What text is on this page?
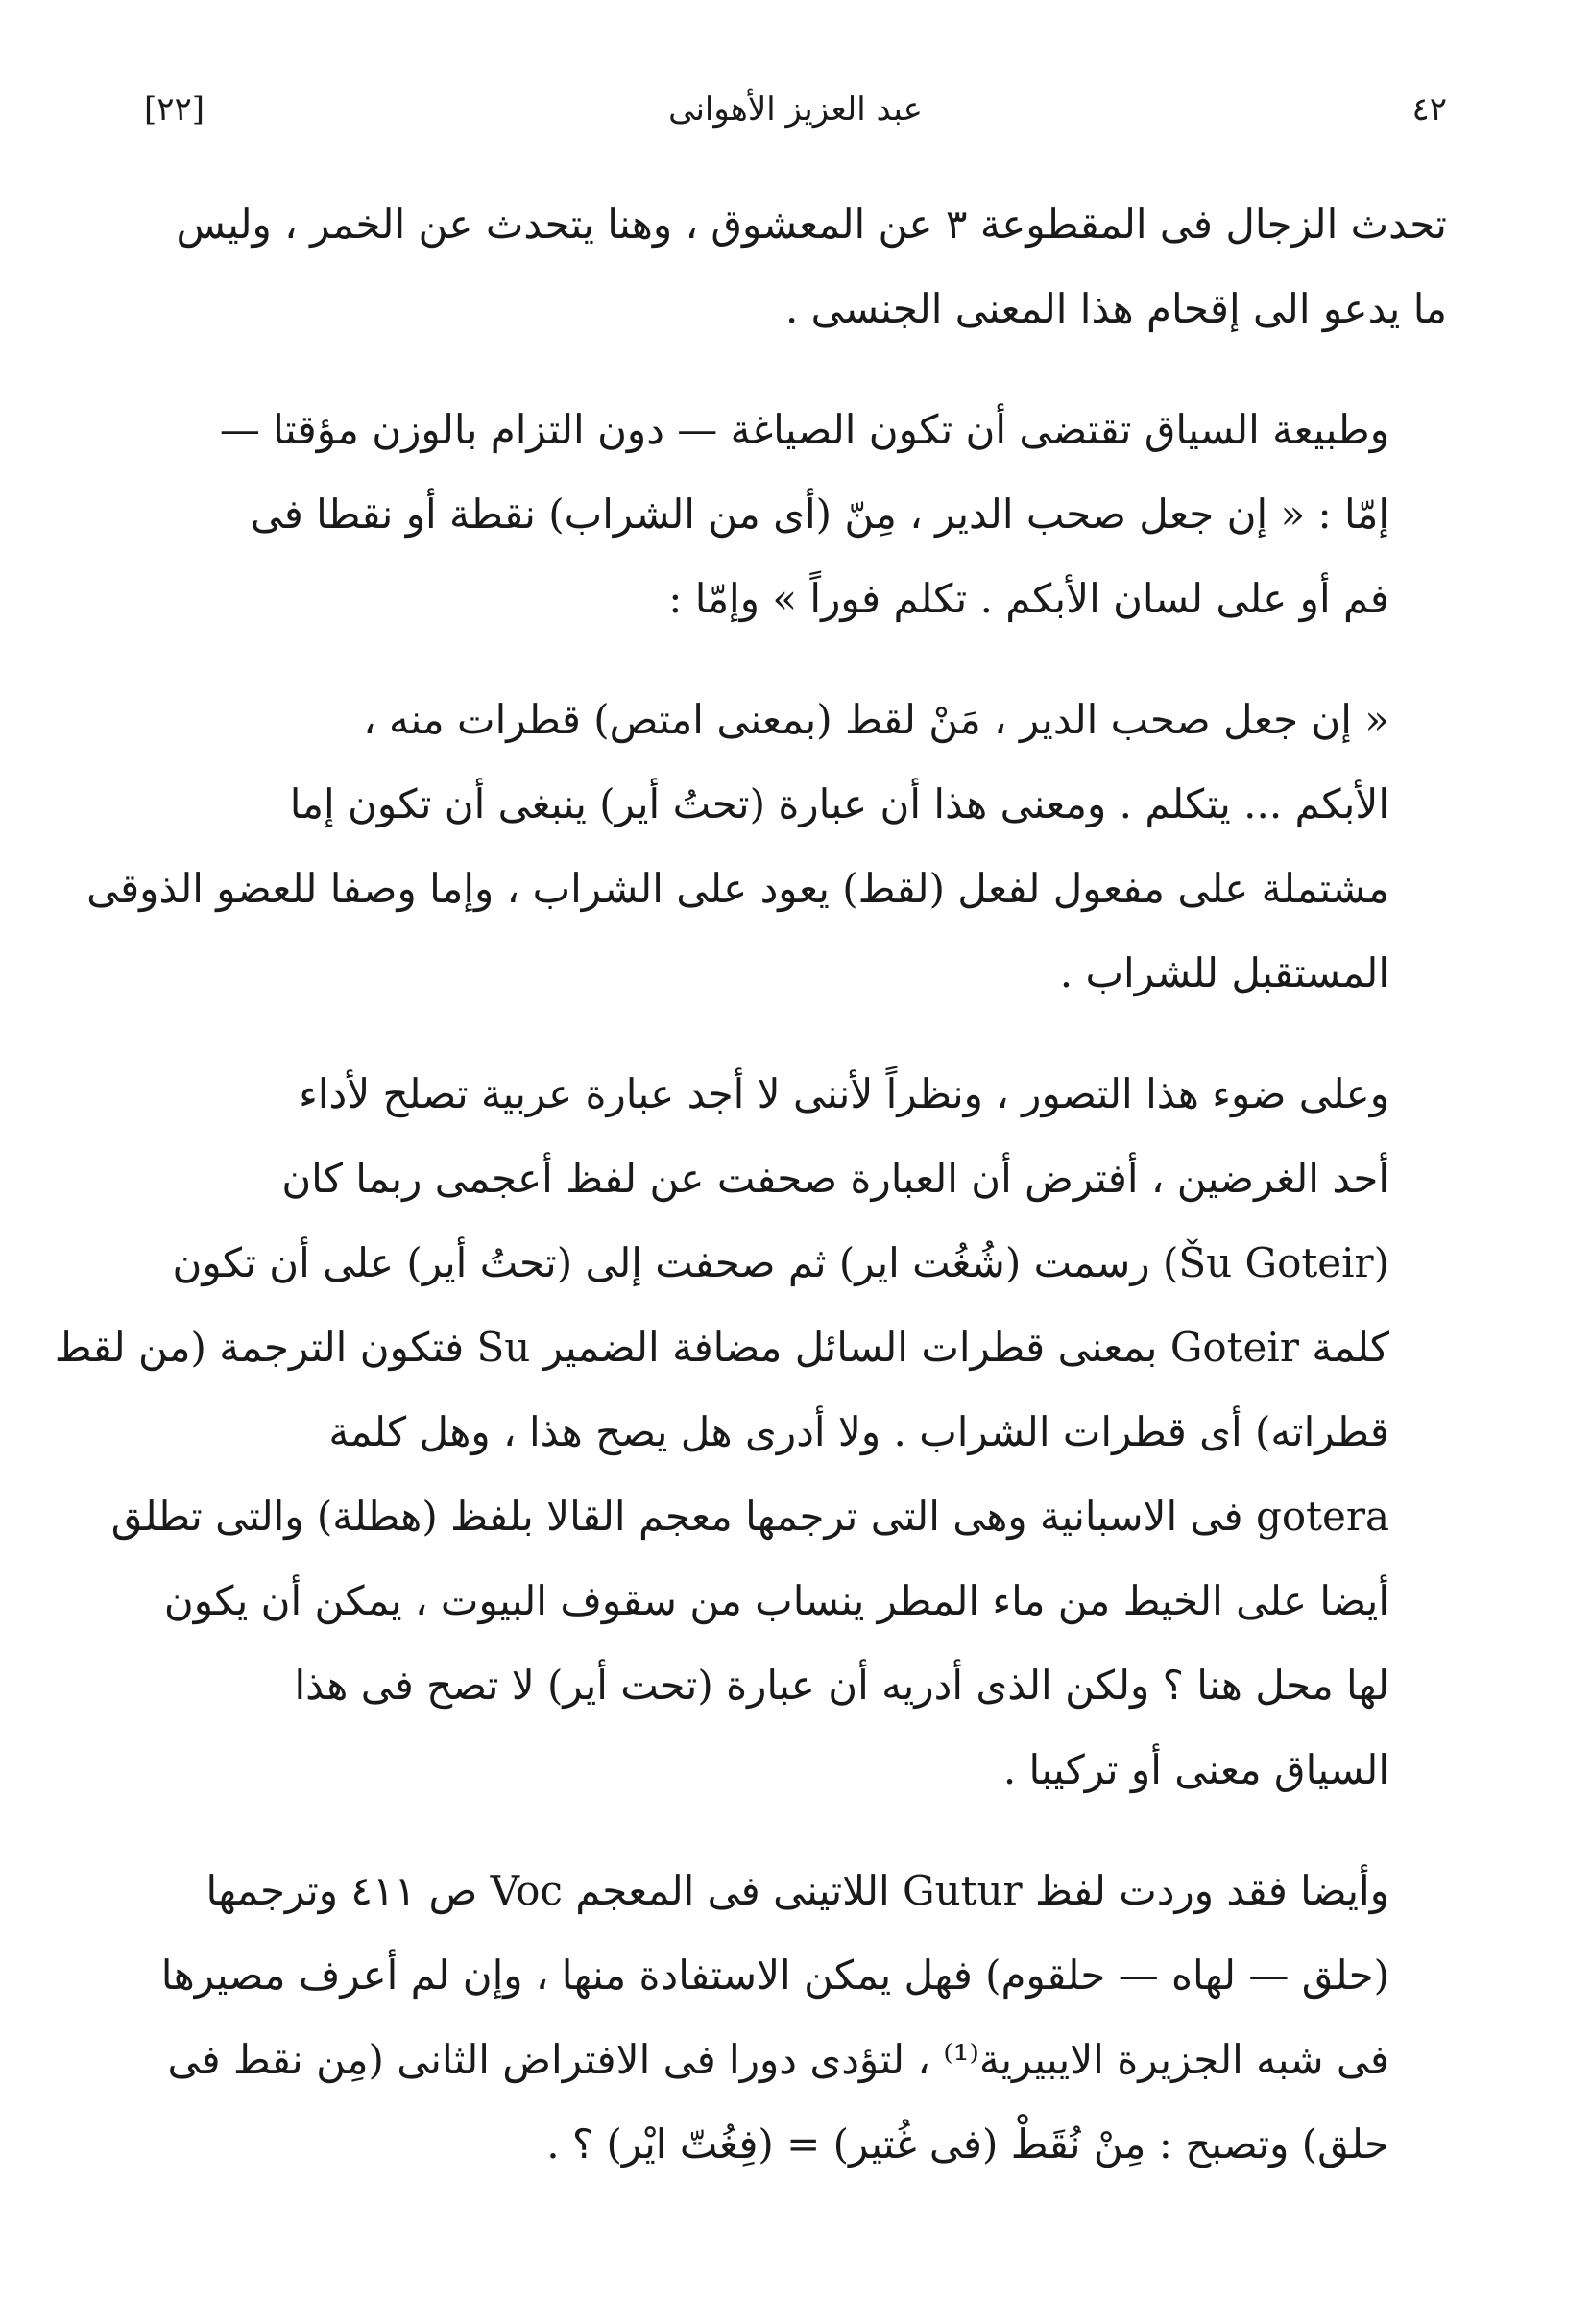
٤٢
عبد العزيز الأهوانى
[٢٢]

تحدث الزجال فى المقطوعة ٣ عن المعشوق ، وهنا يتحدث عن الخمر ، وليس
ما يدعو الى إقحام هذا المعنى الجنسى .

وطبيعة السياق تقتضى أن تكون الصياغة — دون التزام بالوزن مؤقتا —
إمّا : « إن جعل صحب الدير ، مِنّ (أى من الشراب) نقطة أو نقطا فى
فم أو على لسان الأبكم . تكلم فوراً » وإمّا :

« إن جعل صحب الدير ، مَنْ لقط (بمعنى امتص) قطرات منه ،
الأبكم ... يتكلم . ومعنى هذا أن عبارة (تحتُ أير) ينبغى أن تكون إما
مشتملة على مفعول لفعل (لقط) يعود على الشراب ، وإما وصفا للعضو الذوقى
المستقبل للشراب .

وعلى ضوء هذا التصور ، ونظراً لأننى لا أجد عبارة عربية تصلح لأداء
أحد الغرضين ، أفترض أن العبارة صحفت عن لفظ أعجمى ربما كان
(Šu Goteir) رسمت (شُغُت اير) ثم صحفت إلى (تحتُ أير) على أن تكون
كلمة Goteir بمعنى قطرات السائل مضافة الضمير Su فتكون الترجمة (من لقط
قطراته) أى قطرات الشراب . ولا أدرى هل يصح هذا ، وهل كلمة
gotera فى الاسبانية وهى التى ترجمها معجم القالا بلفظ (هطلة) والتى تطلق
أيضا على الخيط من ماء المطر ينساب من سقوف البيوت ، يمكن أن يكون
لها محل هنا ؟ ولكن الذى أدريه أن عبارة (تحت أير) لا تصح فى هذا
السياق معنى أو تركيبا .

وأيضا فقد وردت لفظ Gutur اللاتينى فى المعجم Voc ص ٤١١ وترجمها
(حلق — لهاه — حلقوم) فهل يمكن الاستفادة منها ، وإن لم أعرف مصيرها
فى شبه الجزيرة الايبيرية⁽¹⁾ ، لتؤدى دورا فى الافتراض الثانى (مِن نقط فى
حلق) وتصبح : مِنْ نُقَطْ (فى غُتير) = (فِغُتّ ايْر) ؟ .
